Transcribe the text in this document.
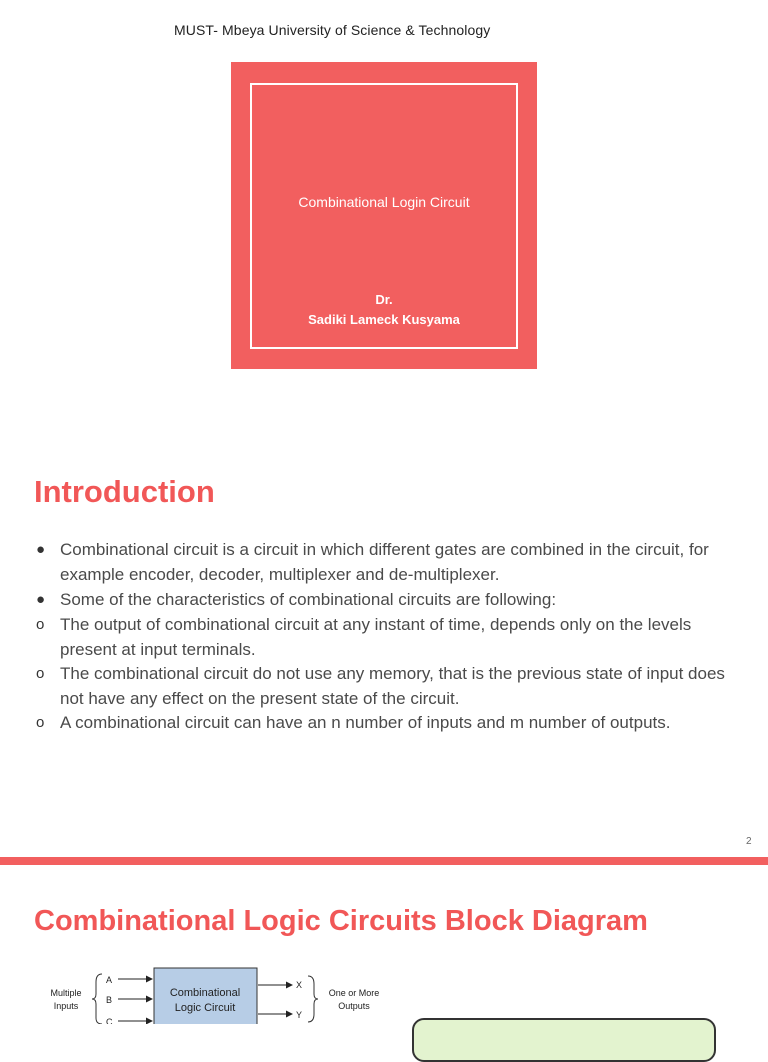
MUST- Mbeya University of Science & Technology
Combinational Login Circuit
Dr.
Sadiki Lameck Kusyama
Introduction
● Combinational circuit is a circuit in which different gates are combined in the circuit, for example encoder, decoder, multiplexer and de-multiplexer.
● Some of the characteristics of combinational circuits are following:
o The output of combinational circuit at any instant of time, depends only on the levels present at input terminals.
o The combinational circuit do not use any memory, that is the previous state of input does not have any effect on the present state of the circuit.
o A combinational circuit can have an n number of inputs and m number of outputs.
2
Combinational Logic Circuits Block Diagram
Multiple
Inputs
A
B
C
Combinational
Logic Circuit
X
Y
One or More
Outputs
